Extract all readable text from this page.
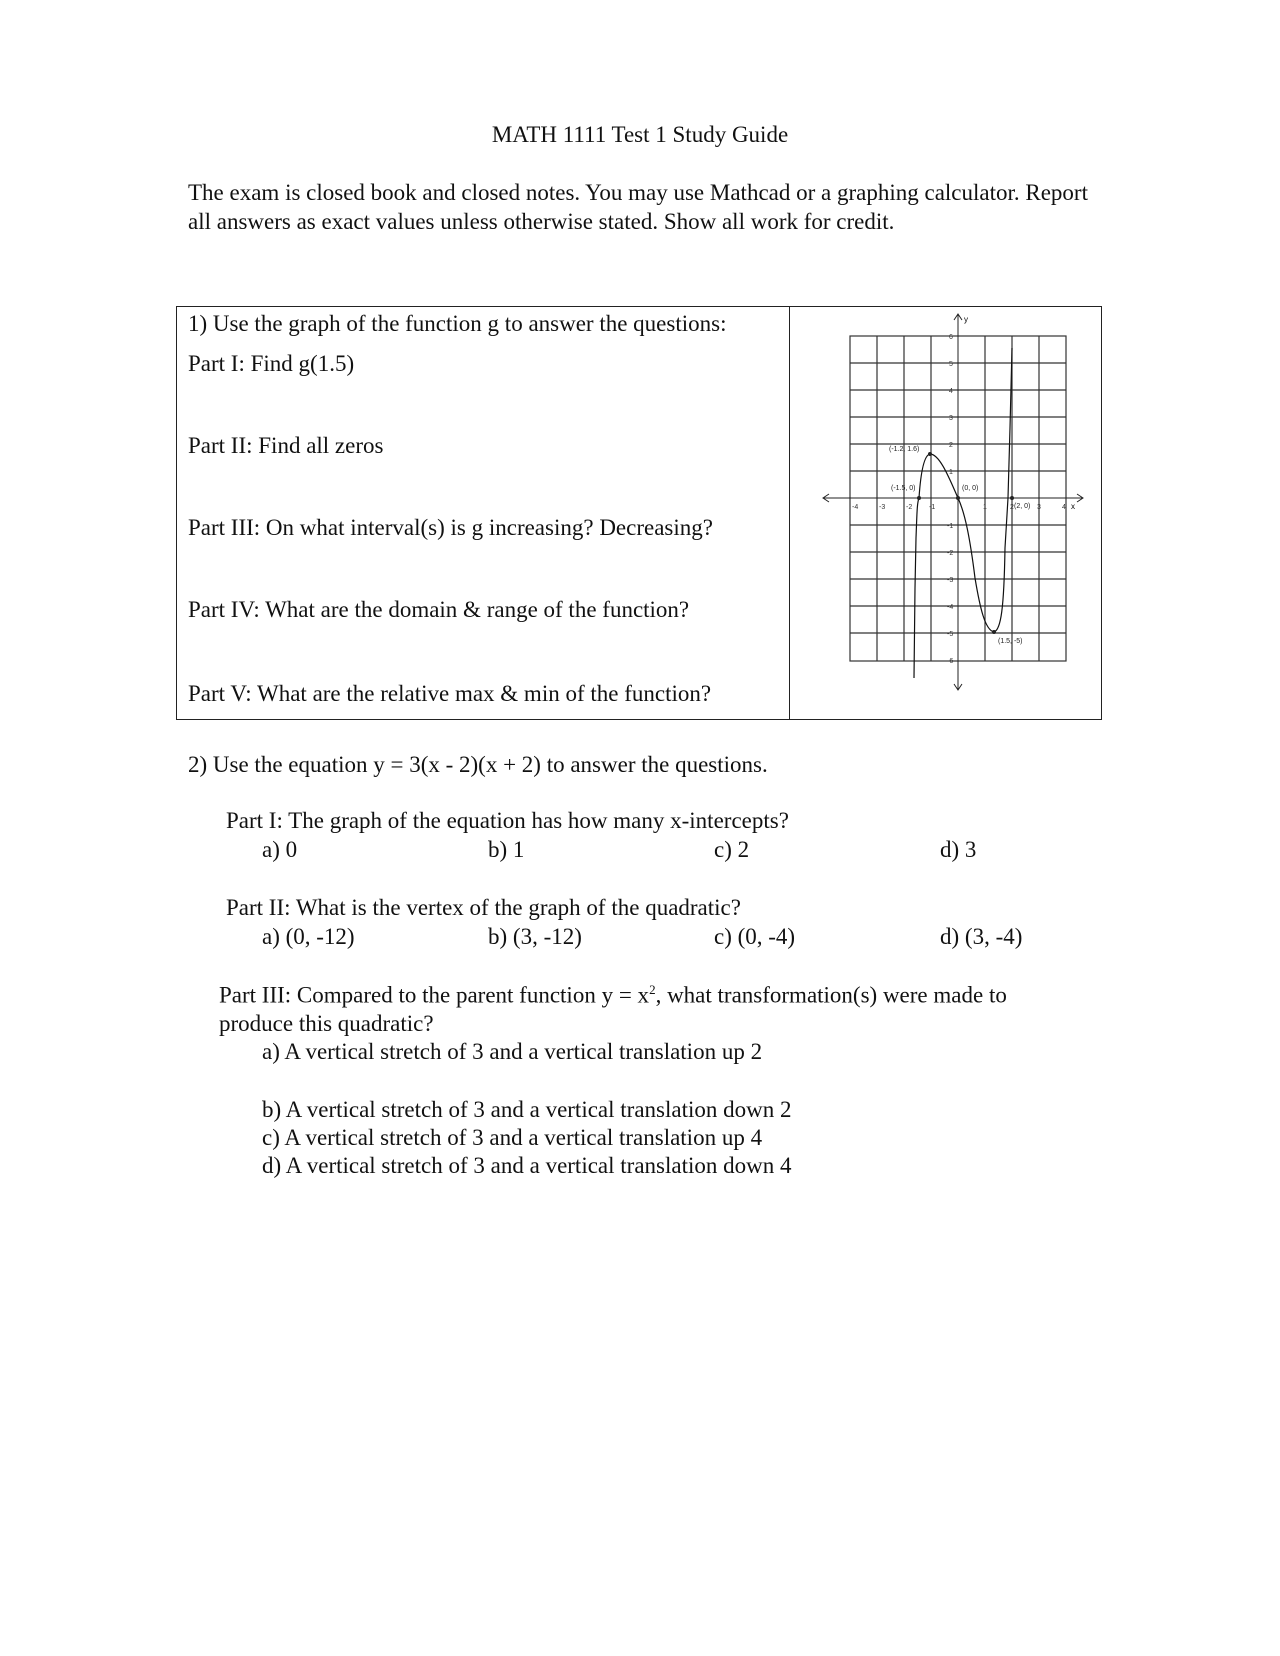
MATH 1111 Test 1 Study Guide

The exam is closed book and closed notes. You may use Mathcad or a graphing calculator. Report all answers as exact values unless otherwise stated. Show all work for credit.

1) Use the graph of the function g to answer the questions:
Part I: Find g(1.5)
Part II: Find all zeros
Part III: On what interval(s) is g increasing? Decreasing?
Part IV: What are the domain & range of the function?
Part V: What are the relative max & min of the function?
x
y
-4	-3	-2 -1	1	2	3	4
6
5
4
3
2
1
-1
-2
-3
-4
-5
-6
(-1.2, 1.6)
(-1.5, 0)	(0, 0)
(2, 0)
(1.5, -5)
2) Use the equation y = 3(x - 2)(x + 2) to answer the questions.
Part I: The graph of the equation has how many x-intercepts?
a) 0	b) 1	c) 2	d) 3
Part II: What is the vertex of the graph of the quadratic?
a) (0, -12)	b) (3, -12)	c) (0, -4)	d) (3, -4)
Part III: Compared to the parent function $y = x^2$, what transformation(s) were made to
produce this quadratic?
a) A vertical stretch of 3 and a vertical translation up 2
b) A vertical stretch of 3 and a vertical translation down 2
c) A vertical stretch of 3 and a vertical translation up 4
d) A vertical stretch of 3 and a vertical translation down 4
